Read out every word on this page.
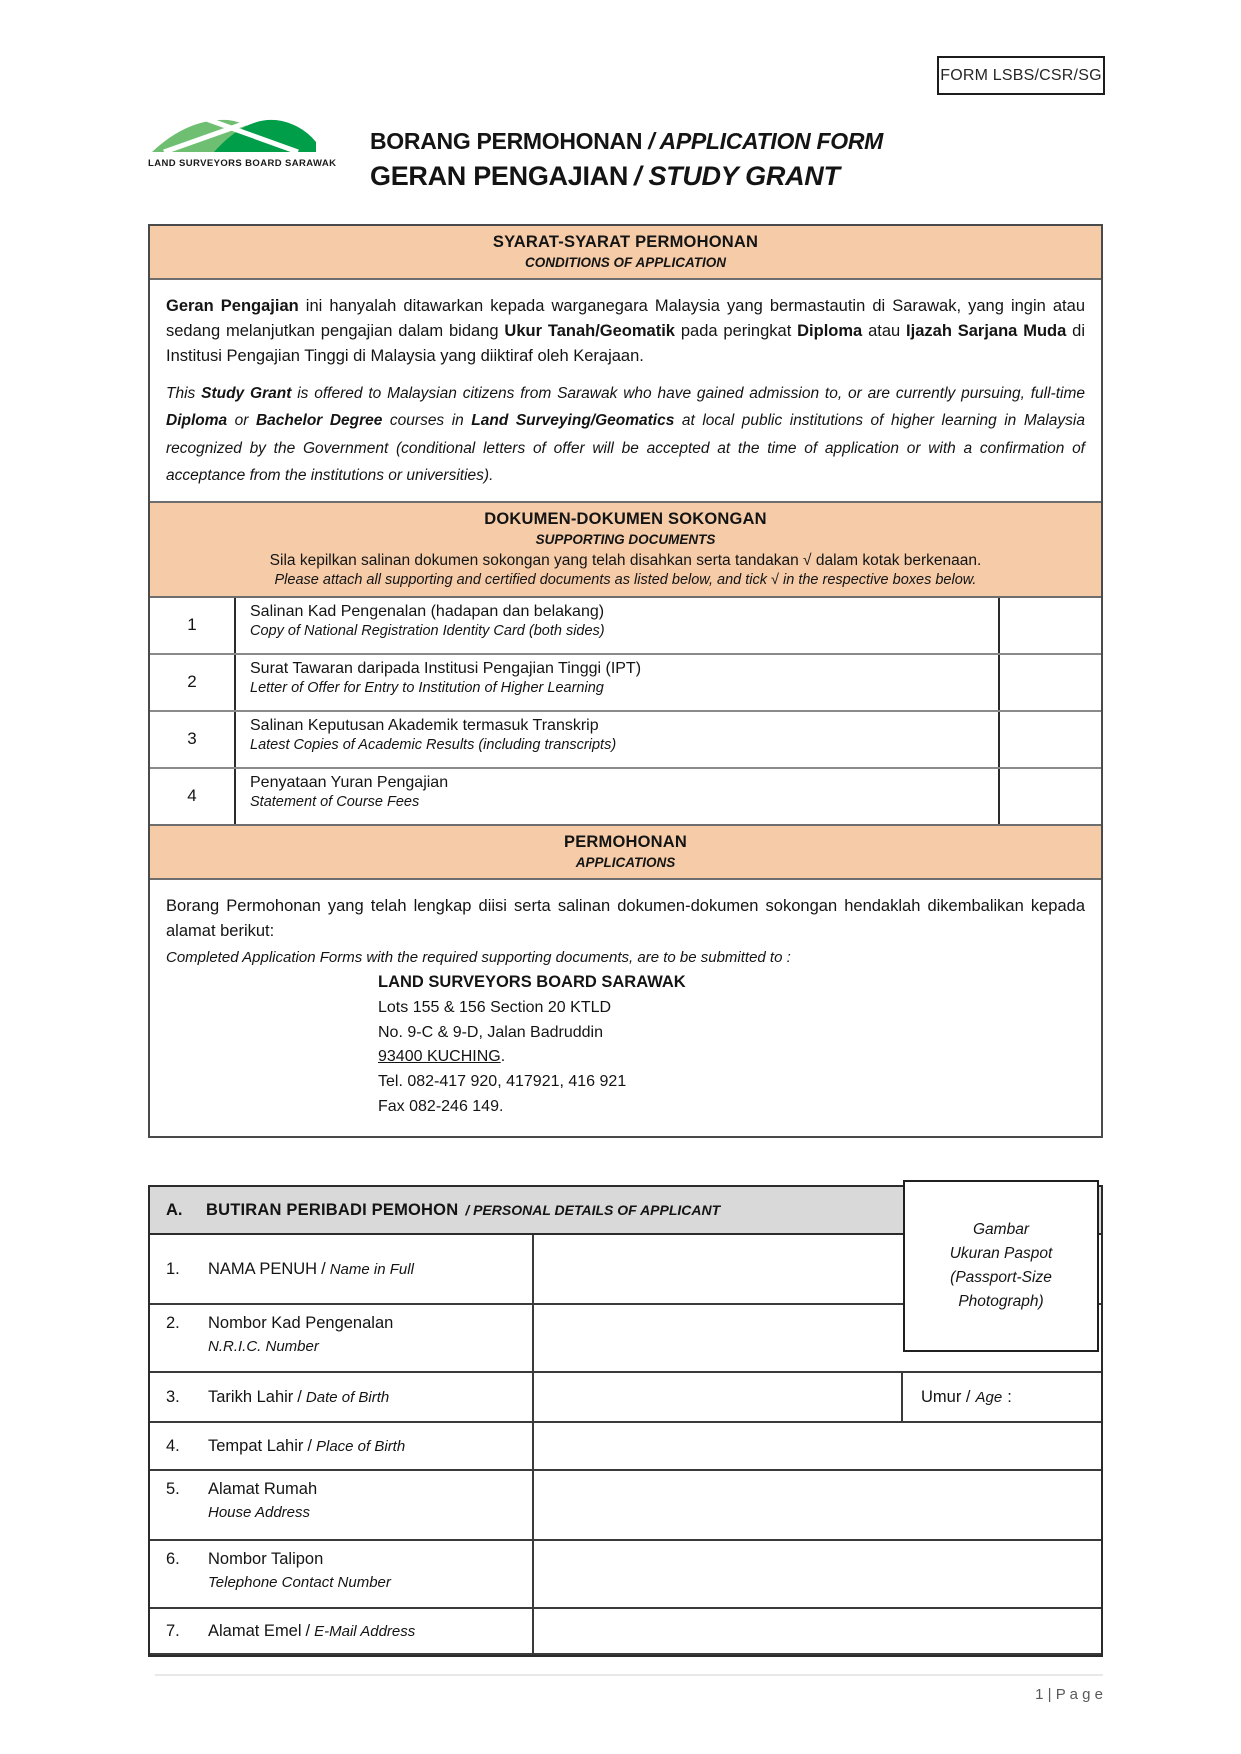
FORM LSBS/CSR/SG
LAND SURVEYORS BOARD SARAWAK
BORANG PERMOHONAN / APPLICATION FORM
GERAN PENGAJIAN / STUDY GRANT
SYARAT-SYARAT PERMOHONAN
CONDITIONS OF APPLICATION

Geran Pengajian ini hanyalah ditawarkan kepada warganegara Malaysia yang bermastautin di Sarawak, yang ingin atau sedang melanjutkan pengajian dalam bidang Ukur Tanah/Geomatik pada peringkat Diploma atau Ijazah Sarjana Muda di Institusi Pengajian Tinggi di Malaysia yang diiktiraf oleh Kerajaan.

This Study Grant is offered to Malaysian citizens from Sarawak who have gained admission to, or are currently pursuing, full-time Diploma or Bachelor Degree courses in Land Surveying/Geomatics at local public institutions of higher learning in Malaysia recognized by the Government (conditional letters of offer will be accepted at the time of application or with a confirmation of acceptance from the institutions or universities).

DOKUMEN-DOKUMEN SOKONGAN
SUPPORTING DOCUMENTS
Sila kepilkan salinan dokumen sokongan yang telah disahkan serta tandakan √ dalam kotak berkenaan.
Please attach all supporting and certified documents as listed below, and tick √ in the respective boxes below.
1
Salinan Kad Pengenalan (hadapan dan belakang)
Copy of National Registration Identity Card (both sides)
2
Surat Tawaran daripada Institusi Pengajian Tinggi (IPT)
Letter of Offer for Entry to Institution of Higher Learning
3
Salinan Keputusan Akademik termasuk Transkrip
Latest Copies of Academic Results (including transcripts)
4
Penyataan Yuran Pengajian
Statement of Course Fees
PERMOHONAN
APPLICATIONS

Borang Permohonan yang telah lengkap diisi serta salinan dokumen-dokumen sokongan hendaklah dikembalikan kepada alamat berikut:

Completed Application Forms with the required supporting documents, are to be submitted to :

LAND SURVEYORS BOARD SARAWAK
Lots 155 & 156 Section 20 KTLD
No. 9-C & 9-D, Jalan Badruddin
93400 KUCHING.
Tel. 082-417 920, 417921, 416 921
Fax 082-246 149.
A.	BUTIRAN PERIBADI PEMOHON / PERSONAL DETAILS OF APPLICANT
1.	NAMA PENUH / Name in Full
2.	Nombor Kad Pengenalan
N.R.I.C. Number
3.	Tarikh Lahir / Date of Birth	Umur / Age :
4.	Tempat Lahir / Place of Birth
5.	Alamat Rumah
House Address
6.	Nombor Talipon
Telephone Contact Number
7.	Alamat Emel / E-Mail Address
Gambar
Ukuran Paspot
(Passport-Size
Photograph)
1 | P a g e
